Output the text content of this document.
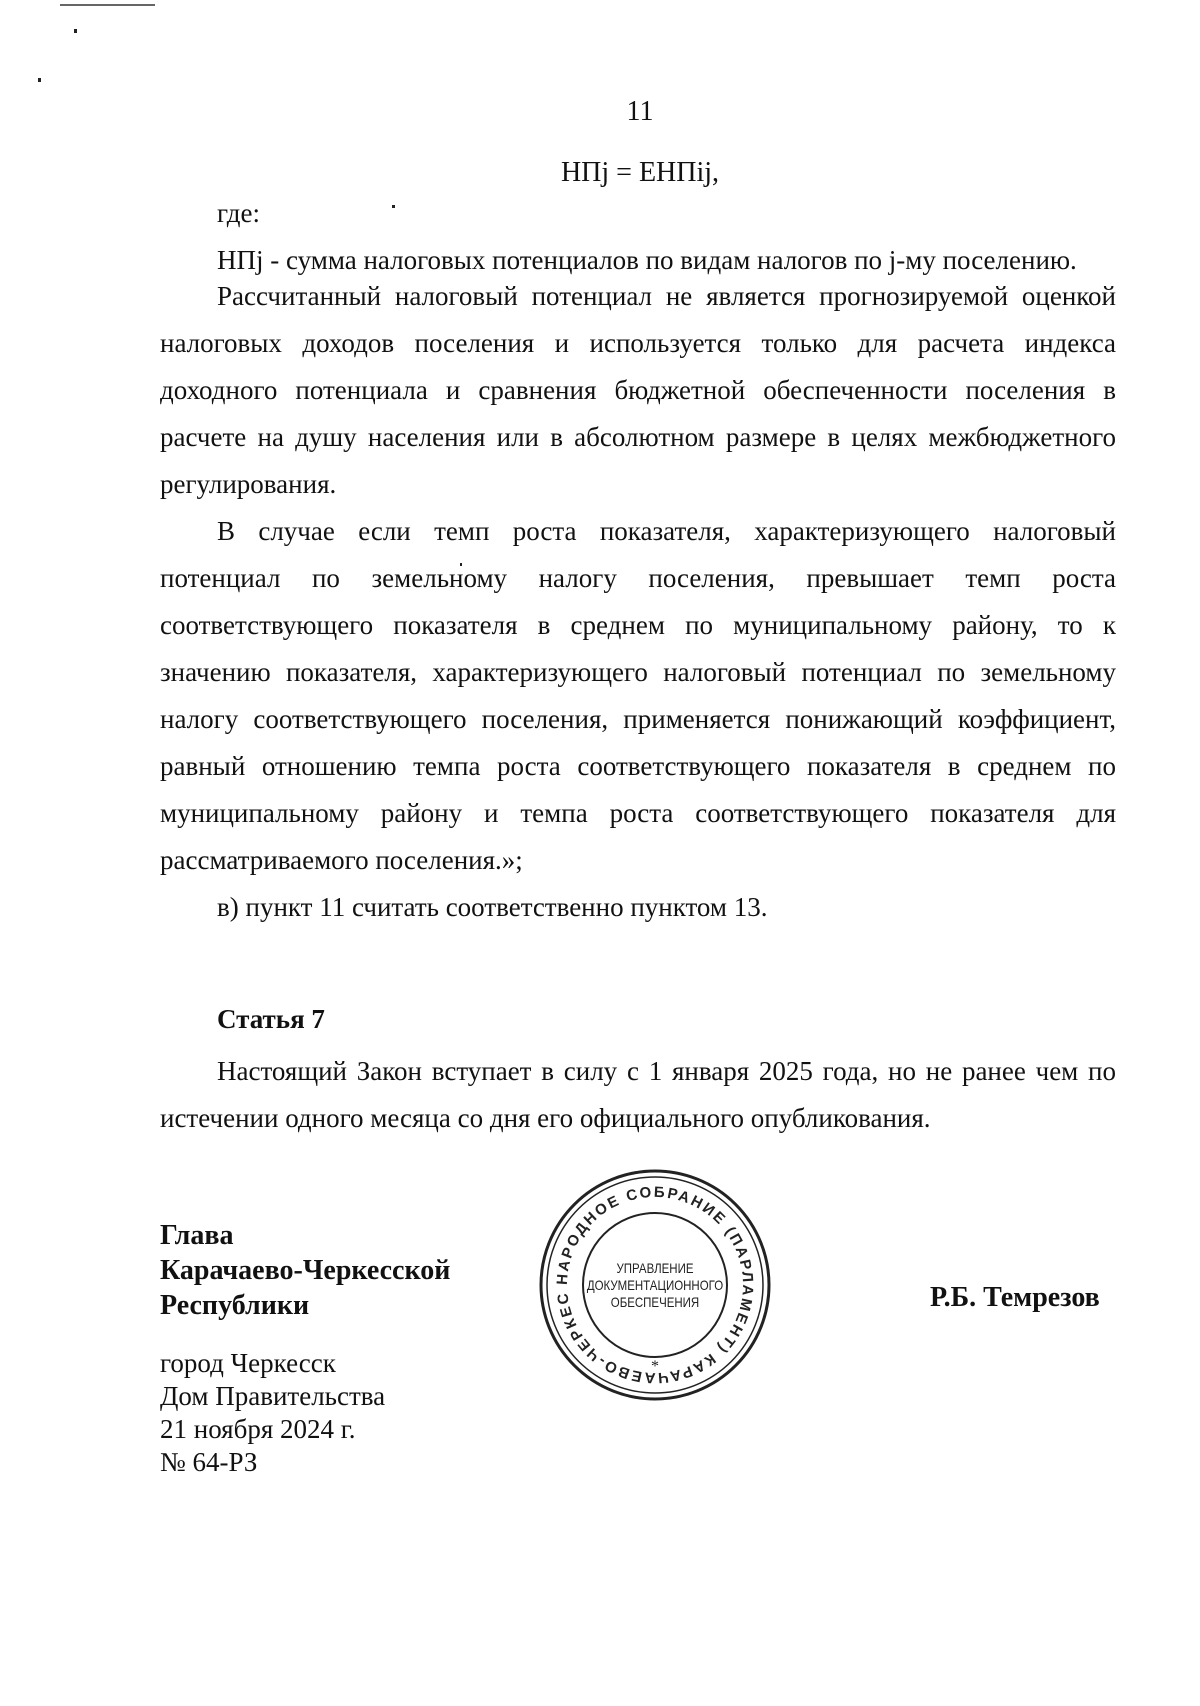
11
НПj = ЕНПij,

где:

НПj - сумма налоговых потенциалов по видам налогов по j-му поселению.

Рассчитанный налоговый потенциал не является прогнозируемой оценкой налоговых доходов поселения и используется только для расчета индекса доходного потенциала и сравнения бюджетной обеспеченности поселения в расчете на душу населения или в абсолютном размере в целях межбюджетного регулирования.

В случае если темп роста показателя, характеризующего налоговый потенциал по земельному налогу поселения, превышает темп роста соответствующего показателя в среднем по муниципальному району, то к значению показателя, характеризующего налоговый потенциал по земельному налогу соответствующего поселения, применяется понижающий коэффициент, равный отношению темпа роста соответствующего показателя в среднем по муниципальному району и темпа роста соответствующего показателя для рассматриваемого поселения.»;

в) пункт 11 считать соответственно пунктом 13.

Статья 7

Настоящий Закон вступает в силу с 1 января 2025 года, но не ранее чем по истечении одного месяца со дня его официального опубликования.

Глава
Карачаево-Черкесской
Республики	Р.Б. Темрезов
город Черкесск
Дом Правительства
21 ноября 2024 г.
№ 64-РЗ
НАРОДНОЕ СОБРАНИЕ (ПАРЛАМЕНТ) КАРАЧАЕВО-ЧЕРКЕС
*
УПРАВЛЕНИЕ
ДОКУМЕНТАЦИОННОГО
ОБЕСПЕЧЕНИЯ
